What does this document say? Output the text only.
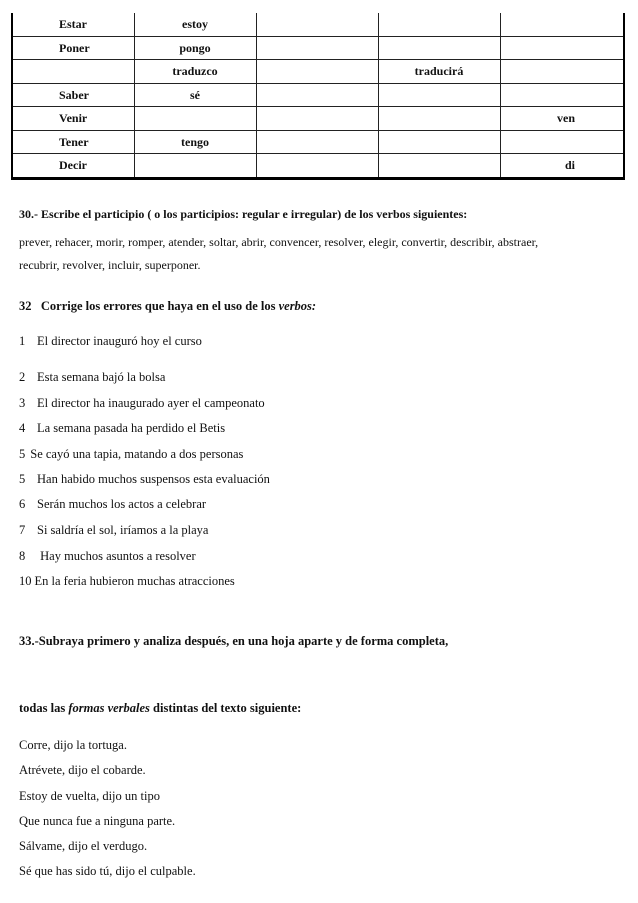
Estar	estoy			
Poner	pongo			
	traduzco		traducirá	
Saber	sé			
Venir				ven
Tener	tengo			
Decir				di
30.- Escribe el participio ( o los participios: regular e irregular) de los verbos siguientes:
prever, rehacer, morir, romper, atender, soltar, abrir, convencer, resolver, elegir, convertir, describir, abstraer,
recubrir, revolver, incluir, superponer.
32   Corrige los errores que haya en el uso de los verbos:
1 El director inauguró hoy el curso
2 Esta semana bajó la bolsa
3 El director ha inaugurado ayer el campeonato
4 La semana pasada ha perdido el Betis
5 Se cayó una tapia, matando a dos personas
5 Han habido muchos suspensos esta evaluación
6 Serán muchos los actos a celebrar
7 Si saldría el sol, iríamos a la playa
8 Hay muchos asuntos a resolver
10 En la feria hubieron muchas atracciones
33.-Subraya primero y analiza después, en una hoja aparte y de forma completa,
todas las formas verbales distintas del texto siguiente:
Corre, dijo la tortuga.
Atrévete, dijo el cobarde.
Estoy de vuelta, dijo un tipo
Que nunca fue a ninguna parte.
Sálvame, dijo el verdugo.
Sé que has sido tú, dijo el culpable.
